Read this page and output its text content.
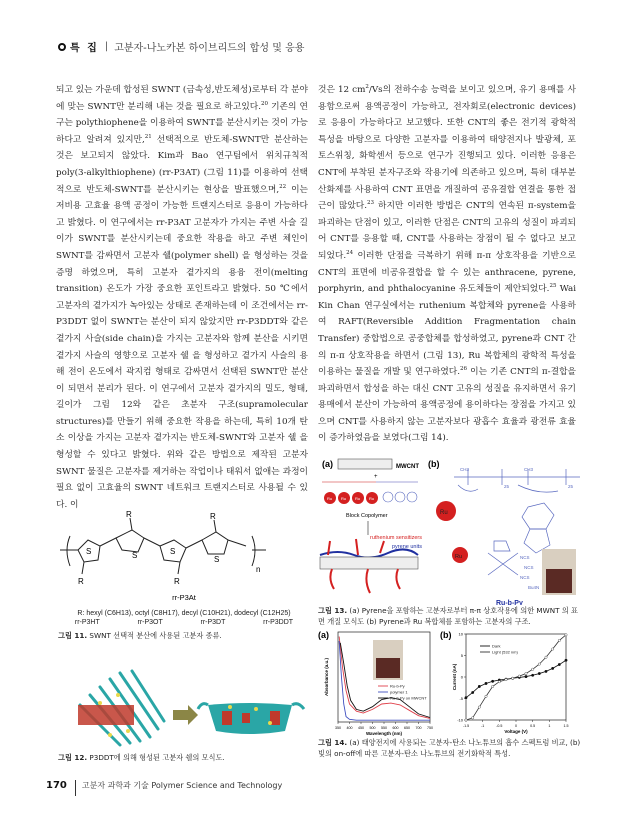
특 집 | 고분자-나노카본 하이브리드의 합성 및 응용

되고 있는 가운데 합성된 SWNT (금속성,반도체성)로부터 각 분야에 맞는 SWNT만 분리해 내는 것을 필요로 하고있다.$^{20}$ 기존의 연구는 polythiophene을 이용하여 SWNT를 분산시키는 것이 가능하다고 알려져 있지만,$^{21}$ 선택적으로 반도체-SWNT만 분산하는 것은 보고되지 않았다. Kim과 Bao 연구팀에서 위치규칙적 poly(3-alkylthiophene) (rr-P3AT) (그림 11)를 이용하여 선택적으로 반도체-SWNT를 분산시키는 현상을 발표했으며,$^{22}$ 이는 저비용 고효율 용액 공정이 가능한 트랜지스터로 응용이 가능하다고 밝혔다. 이 연구에서는 rr-P3AT 고분자가 가지는 주변 사슬 길이가 SWNT를 분산시키는데 중요한 작용을 하고 주변 체인이 SWNT를 감싸면서 고분자 쉘(polymer shell) 을 형성하는 것을 증명 하였으며, 특히 고분자 곁가지의 용융 전이(melting transition) 온도가 가장 중요한 포인트라고 밝혔다. 50 ℃에서 고분자의 곁가지가 녹아있는 상태로 존재하는데 이 조건에서는 rr-P3DDT 없이 SWNT는 분산이 되지 않았지만 rr-P3DDT와 같은 곁가지 사슬(side chain)을 가지는 고분자와 함께 분산을 시키면 곁가지 사슬의 영향으로 고분자 쉘 을 형성하고 곁가지 사슬의 용해 전이 온도에서 곽지컴 형태로 감싸면서 선택된 SWNT만 분산이 되면서 분리가 된다. 이 연구에서 고분자 곁가지의 밀도, 형태, 길이가 그림 12와 같은 초분자 구조(supramolecular structures)를 만들기 위해 중요한 작용을 하는데, 특히 10개 탄소 이상을 가지는 고분자 곁가지는 반도체-SWNT와 고분자 쉘 을 형성할 수 있다고 밝혔다. 위와 같은 방법으로 제작된 고분자 SWNT 물질은 고분자를 제거하는 작업이나 태워서 없애는 과정이 필요 없이 고효율의 SWNT 네트워크 트랜지스터로 사용될 수 있다. 이

것은 12 $cm^2/Vs$의 전하수송 능력을 보이고 있으며, 유기 용매를 사용함으로써 용액공정이 가능하고, 전자회로(electronic devices)로 응용이 가능하다고 보고했다. 또한 CNT의 좋은 전기적 광학적 특성을 바탕으로 다양한 고분자를 이용하여 태양전지나 발광체, 포토스위칭, 화학센서 등으로 연구가 진행되고 있다. 이러한 응용은 CNT에 부착된 분자구조와 작용기에 의존하고 있으며, 특히 대부분 산화제를 사용하여 CNT 표면을 개질하여 공유결합 연결을 통한 접근이 많았다.$^{23}$ 하지만 이러한 방법은 CNT의 연속된 π-system을 파괴하는 단점이 있고, 이러한 단점은 CNT의 고유의 성질이 파괴되어 CNT를 응용할 때, CNT를 사용하는 장점이 될 수 없다고 보고 되었다.$^{24}$ 이러한 단점을 극복하기 위해 π-π 상호작용을 기반으로 CNT의 표면에 비공유결합을 할 수 있는 anthracene, pyrene, porphyrin, and phthalocyanine 유도체들이 제안되었다.$^{25}$ Wai Kin Chan 연구실에서는 ruthenium 복합체와 pyrene을 사용하여 RAFT(Reversible Addition Fragmentation chain Transfer) 중합법으로 공중합체를 합성하였고, pyrene과 CNT 간의 π-π 상호작용을 하면서 (그림 13), Ru 복합체의 광학적 특성을 이용하는 물질을 개발 및 연구하였다.$^{26}$ 이는 기존 CNT의 π-결합을 파괴하면서 합성을 하는 대신 CNT 고유의 성질을 유지하면서 유기용매에서 분산이 가능하여 용액공정에 용이하다는 장점을 가지고 있으며 CNT를 사용하지 않는 고분자보다 광흡수 효율과 광전류 효율이 증가하였음을 보였다(그림 14).

S	S	S
S
R	R
R	R
n
rr-P3At
R: hexyl (C6H13), octyl (C8H17), decyl (C10H21), dodecyl (C12H25)
rr-P3HT	rr-P3OT	rr-P3DT	rr-P3DDT
그림 11. SWNT 선택적 분산에 사용된 고분자 종류.
그림 12. P3DDT에 의해 형성된 고분자 쉘의 모식도.
(a)	MWCNT
+
Ru Ru Ru Ru
Block Copolymer
ruthenium sensitizers
pyrene units
(b)
CH3	CH3
25	25
Ru
Ru	NCS
NCS
NCS
Bu4N
Ru-b-Py
그림 13. (a) Pyrene을 포함하는 고분자로부터 π-π 상호작용에 의한 MWNT 의 표면 개질 모식도 (b) Pyrene과 Ru 복합체를 포함하는 고분자의 구조.
(a)
350 400 450 500 550 600 650 700 750
Wavelength (nm)
Absorbance (a.u.)	Ru-b-Py
polymer 1
Ru-b-Py on MWCNT
(b)
-1.5	-1	-0.5	0	0.5	1	1.5
-10
-5
0
5
10
Voltage (V)
Current (nA)
Dark
Light (532 nm)
그림 14. (a) 태양전지에 사용되는 고분자-탄소 나노튜브의 흡수 스펙트럼 비교, (b) 빛의 on-off에 따른 고분자-탄소 나노튜브의 전기화학적 특성.
170 고분자 과학과 기술 Polymer Science and Technology
